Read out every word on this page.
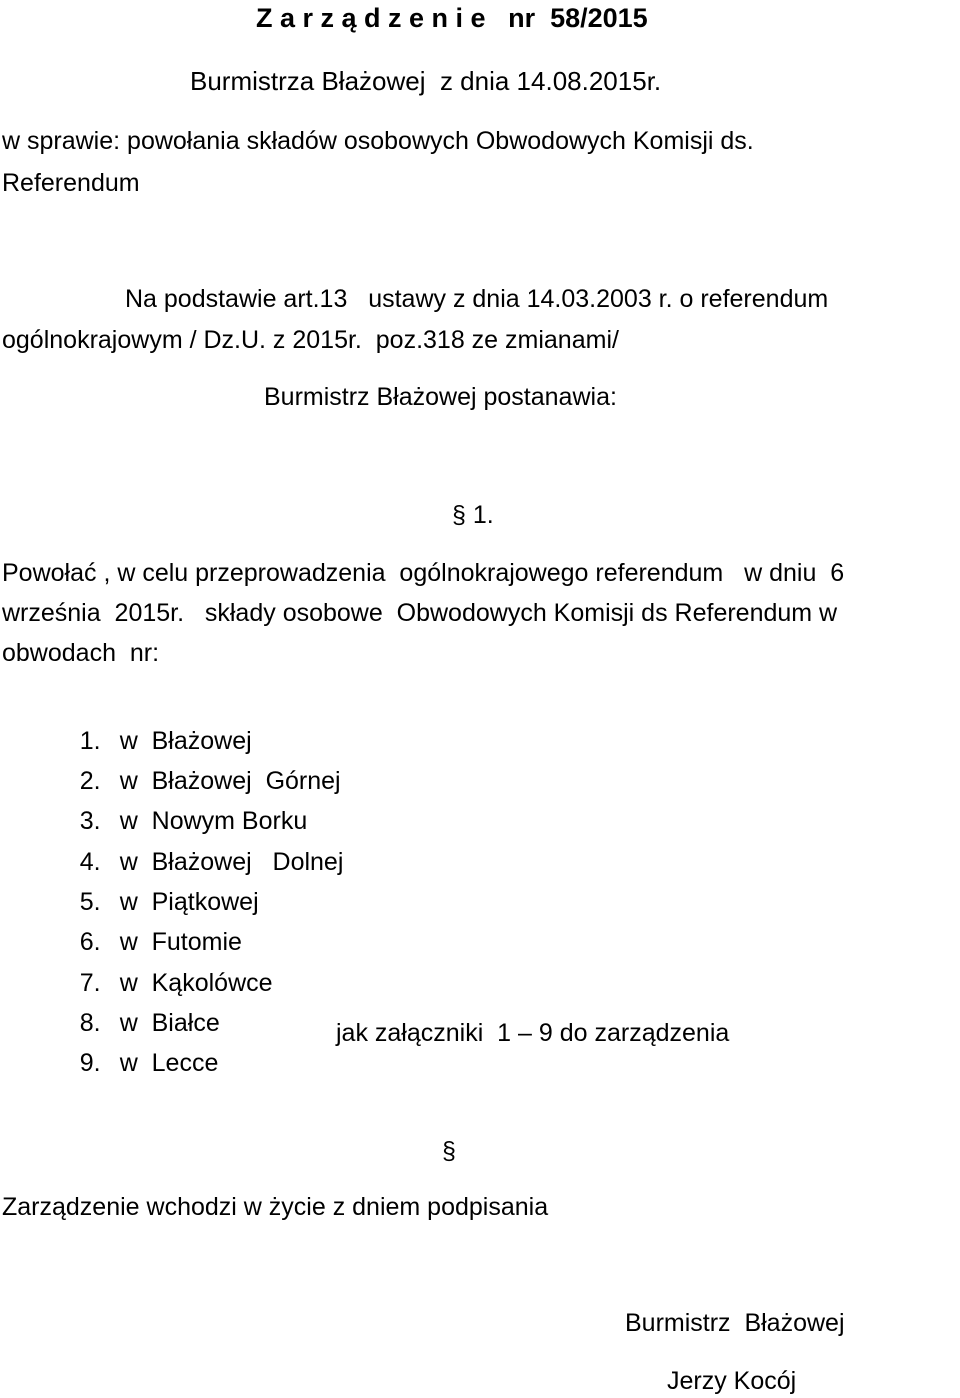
Z a r z ą d z e n i e   nr  58/2015
Burmistrza Błażowej  z dnia 14.08.2015r.
w sprawie: powołania składów osobowych Obwodowych Komisji ds.
Referendum
Na podstawie art.13   ustawy z dnia 14.03.2003 r. o referendum
ogólnokrajowym / Dz.U. z 2015r.  poz.318 ze zmianami/
Burmistrz Błażowej postanawia:
§ 1.
Powołać , w celu przeprowadzenia  ogólnokrajowego referendum   w dniu  6
września  2015r.   składy osobowe  Obwodowych Komisji ds Referendum w
obwodach  nr:

1. w  Błażowej

2. w  Błażowej  Górnej

3. w  Nowym Borku

4. w  Błażowej   Dolnej

5. w  Piątkowej

6. w  Futomie

7. w  Kąkolówce

8. w  Białce

9. w  Lecce

jak załączniki  1 – 9 do zarządzenia
§
Zarządzenie wchodzi w życie z dniem podpisania
Burmistrz  Błażowej
Jerzy Kocój
